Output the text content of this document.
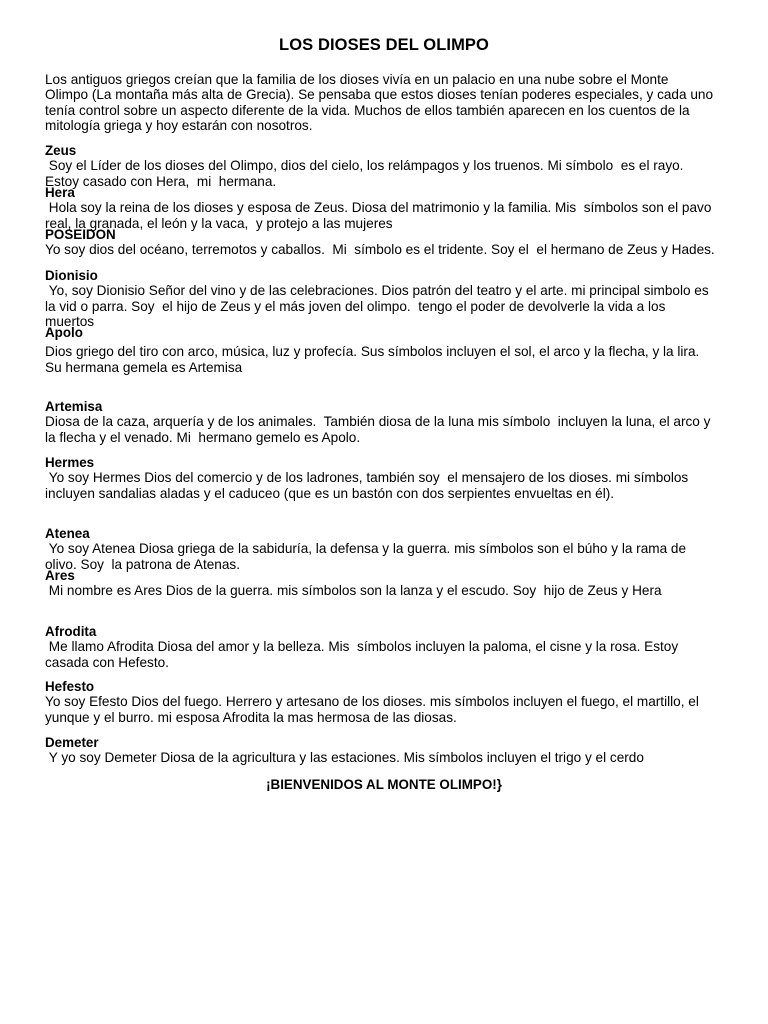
LOS DIOSES DEL OLIMPO

Los antiguos griegos creían que la familia de los dioses vivía en un palacio en una nube sobre el Monte Olimpo (La montaña más alta de Grecia). Se pensaba que estos dioses tenían poderes especiales, y cada uno tenía control sobre un aspecto diferente de la vida. Muchos de ellos también aparecen en los cuentos de la mitología griega y hoy estarán con nosotros.

Zeus

Soy el Líder de los dioses del Olimpo, dios del cielo, los relámpagos y los truenos. Mi símbolo  es el rayo. Estoy casado con Hera,  mi  hermana.

Hera

Hola soy la reina de los dioses y esposa de Zeus. Diosa del matrimonio y la familia. Mis  símbolos son el pavo real, la granada, el león y la vaca,  y protejo a las mujeres

POSEIDON

Yo soy dios del océano, terremotos y caballos.  Mi  símbolo es el tridente. Soy el  el hermano de Zeus y Hades.

Dionisio

Yo, soy Dionisio Señor del vino y de las celebraciones. Dios patrón del teatro y el arte. mi principal simbolo es la vid o parra. Soy  el hijo de Zeus y el más joven del olimpo.  tengo el poder de devolverle la vida a los muertos

Apolo

Dios griego del tiro con arco, música, luz y profecía. Sus símbolos incluyen el sol, el arco y la flecha, y la lira. Su hermana gemela es Artemisa

Artemisa

Diosa de la caza, arquería y de los animales.  También diosa de la luna mis símbolo  incluyen la luna, el arco y la flecha y el venado. Mi  hermano gemelo es Apolo.

Hermes

Yo soy Hermes Dios del comercio y de los ladrones, también soy  el mensajero de los dioses. mi símbolos incluyen sandalias aladas y el caduceo (que es un bastón con dos serpientes envueltas en él).

Atenea

Yo soy Atenea Diosa griega de la sabiduría, la defensa y la guerra. mis símbolos son el búho y la rama de olivo. Soy  la patrona de Atenas.

Ares

Mi nombre es Ares Dios de la guerra. mis símbolos son la lanza y el escudo. Soy  hijo de Zeus y Hera

Afrodita

Me llamo Afrodita Diosa del amor y la belleza. Mis  símbolos incluyen la paloma, el cisne y la rosa. Estoy casada con Hefesto.

Hefesto

Yo soy Efesto Dios del fuego. Herrero y artesano de los dioses. mis símbolos incluyen el fuego, el martillo, el yunque y el burro. mi esposa Afrodita la mas hermosa de las diosas.

Demeter

Y yo soy Demeter Diosa de la agricultura y las estaciones. Mis símbolos incluyen el trigo y el cerdo

¡BIENVENIDOS AL MONTE OLIMPO!}
